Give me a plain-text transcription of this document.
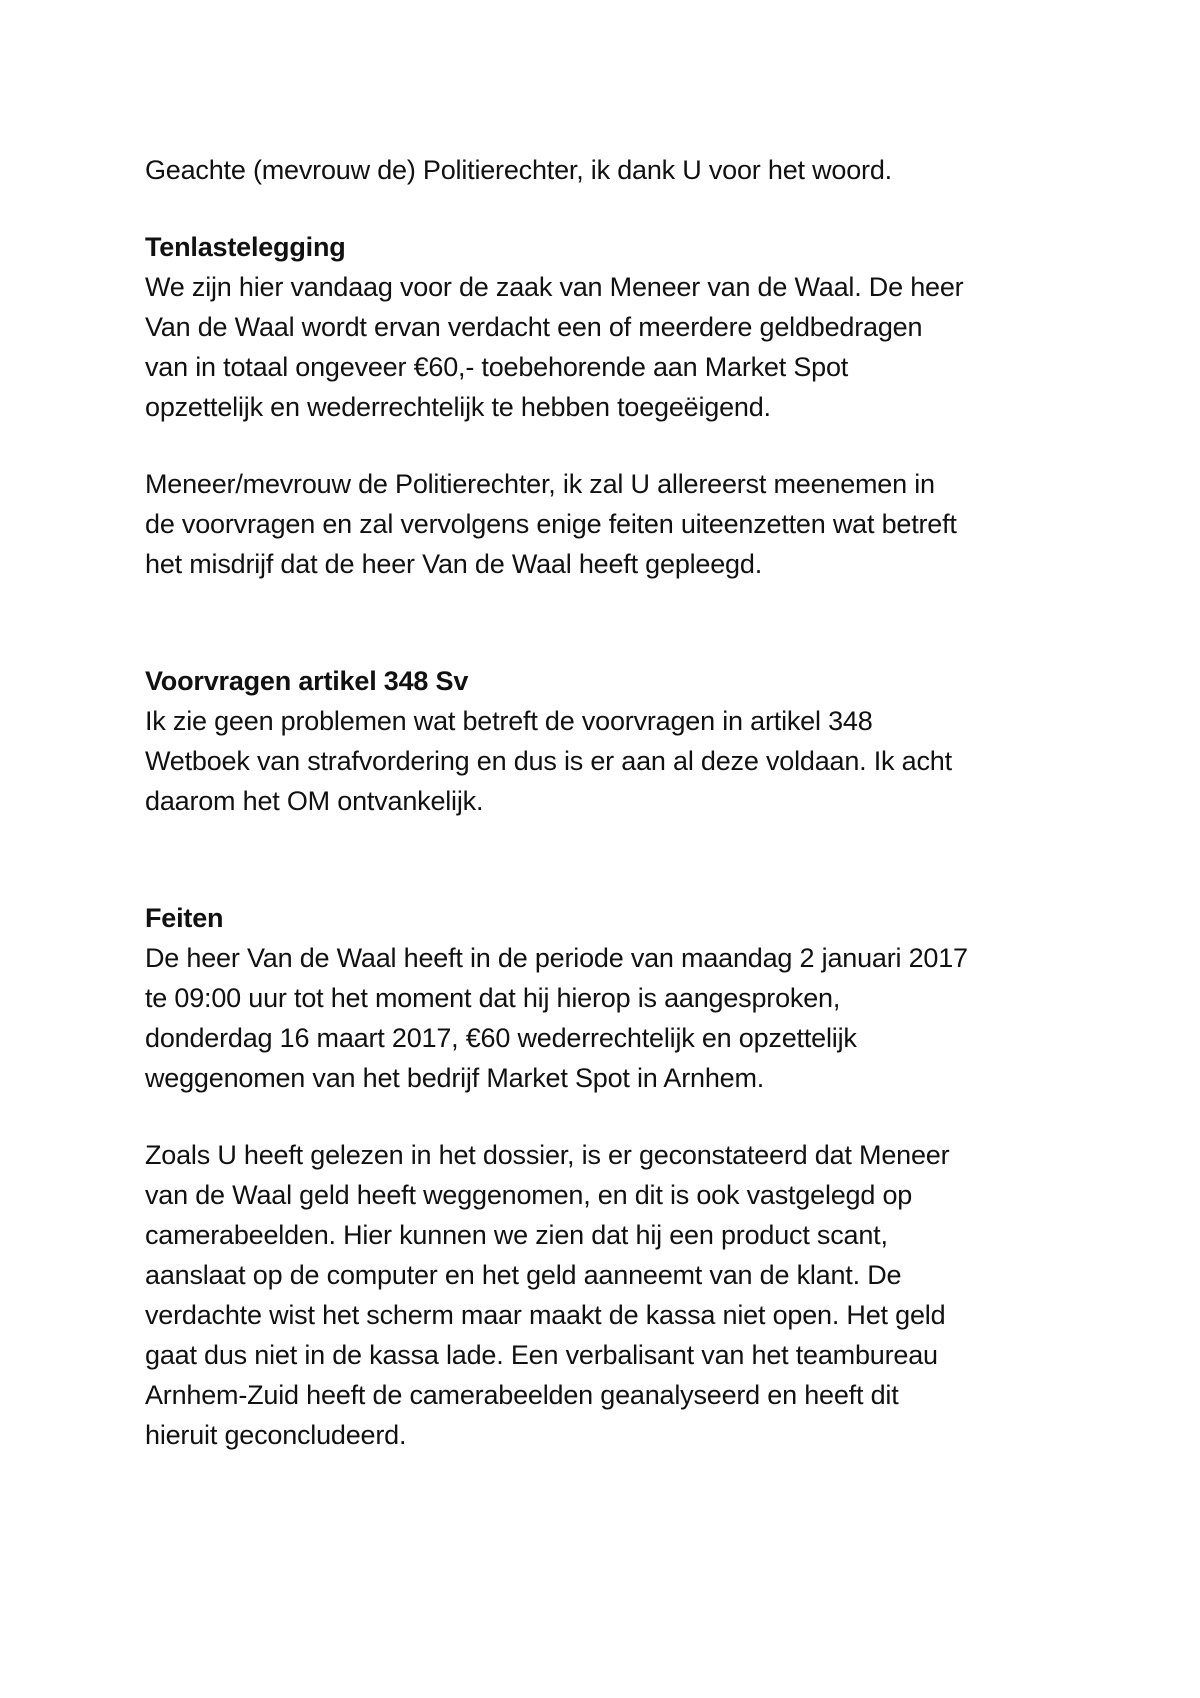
Geachte (mevrouw de) Politierechter, ik dank U voor het woord.
Tenlastelegging
We zijn hier vandaag voor de zaak van Meneer van de Waal. De heer
Van de Waal wordt ervan verdacht een of meerdere geldbedragen
van in totaal ongeveer €60,- toebehorende aan Market Spot
opzettelijk en wederrechtelijk te hebben toegeëigend.
Meneer/mevrouw de Politierechter, ik zal U allereerst meenemen in
de voorvragen en zal vervolgens enige feiten uiteenzetten wat betreft
het misdrijf dat de heer Van de Waal heeft gepleegd.
Voorvragen artikel 348 Sv
Ik zie geen problemen wat betreft de voorvragen in artikel 348
Wetboek van strafvordering en dus is er aan al deze voldaan. Ik acht
daarom het OM ontvankelijk.
Feiten
De heer Van de Waal heeft in de periode van maandag 2 januari 2017
te 09:00 uur tot het moment dat hij hierop is aangesproken,
donderdag 16 maart 2017, €60 wederrechtelijk en opzettelijk
weggenomen van het bedrijf Market Spot in Arnhem.
Zoals U heeft gelezen in het dossier, is er geconstateerd dat Meneer
van de Waal geld heeft weggenomen, en dit is ook vastgelegd op
camerabeelden. Hier kunnen we zien dat hij een product scant,
aanslaat op de computer en het geld aanneemt van de klant. De
verdachte wist het scherm maar maakt de kassa niet open. Het geld
gaat dus niet in de kassa lade. Een verbalisant van het teambureau
Arnhem-Zuid heeft de camerabeelden geanalyseerd en heeft dit
hieruit geconcludeerd.
